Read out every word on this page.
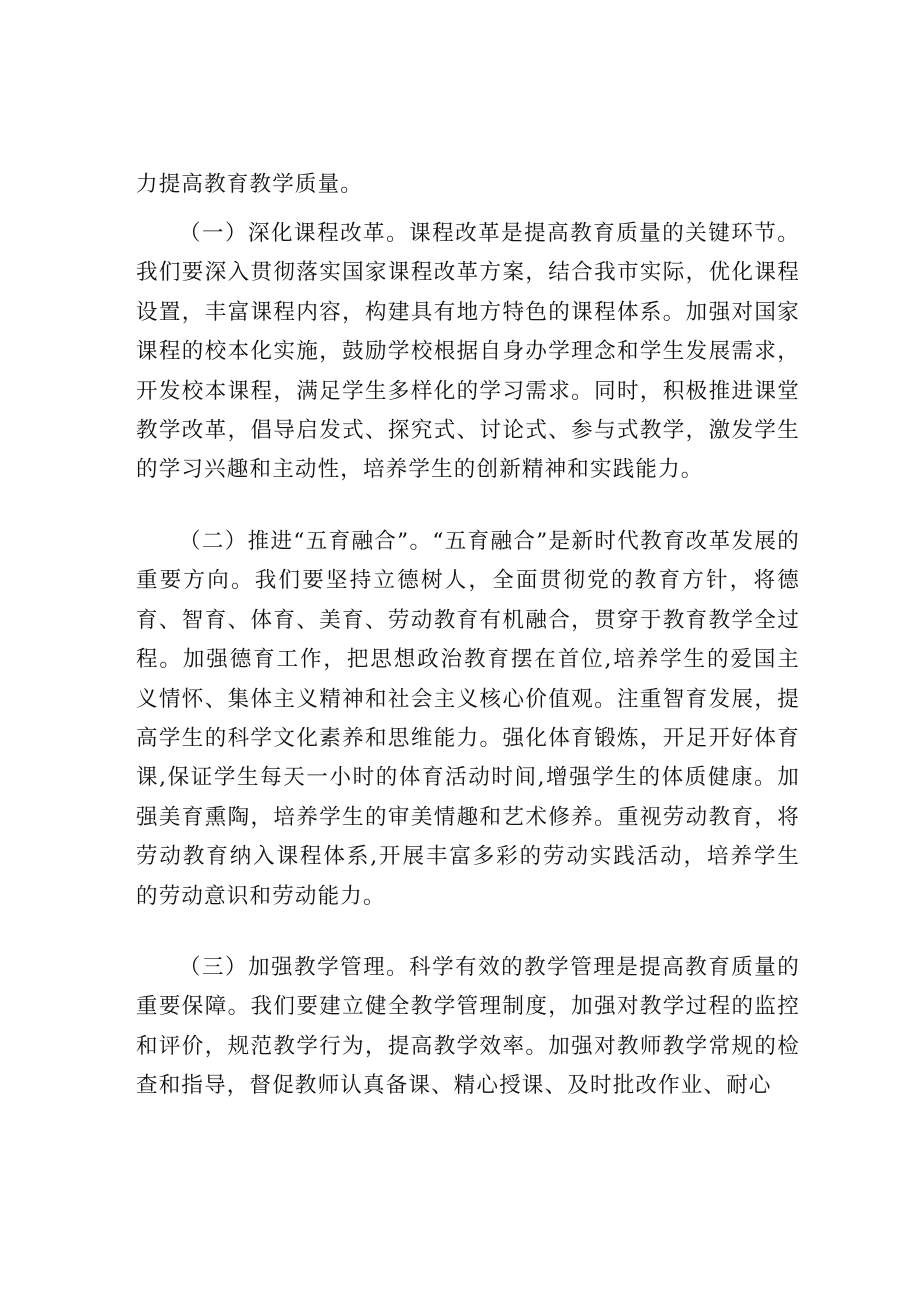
力提高教育教学质量。

（一）深化课程改革。课程改革是提高教育质量的关键环节。我们要深入贯彻落实国家课程改革方案，结合我市实际，优化课程设置，丰富课程内容，构建具有地方特色的课程体系。加强对国家课程的校本化实施，鼓励学校根据自身办学理念和学生发展需求，开发校本课程，满足学生多样化的学习需求。同时，积极推进课堂教学改革，倡导启发式、探究式、讨论式、参与式教学，激发学生的学习兴趣和主动性，培养学生的创新精神和实践能力。

（二）推进“五育融合”。“五育融合”是新时代教育改革发展的重要方向。我们要坚持立德树人，全面贯彻党的教育方针，将德育、智育、体育、美育、劳动教育有机融合，贯穿于教育教学全过程。加强德育工作，把思想政治教育摆在首位,培养学生的爱国主义情怀、集体主义精神和社会主义核心价值观。注重智育发展，提高学生的科学文化素养和思维能力。强化体育锻炼，开足开好体育课,保证学生每天一小时的体育活动时间,增强学生的体质健康。加强美育熏陶，培养学生的审美情趣和艺术修养。重视劳动教育，将劳动教育纳入课程体系,开展丰富多彩的劳动实践活动，培养学生的劳动意识和劳动能力。

（三）加强教学管理。科学有效的教学管理是提高教育质量的重要保障。我们要建立健全教学管理制度，加强对教学过程的监控和评价，规范教学行为，提高教学效率。加强对教师教学常规的检查和指导，督促教师认真备课、精心授课、及时批改作业、耐心
